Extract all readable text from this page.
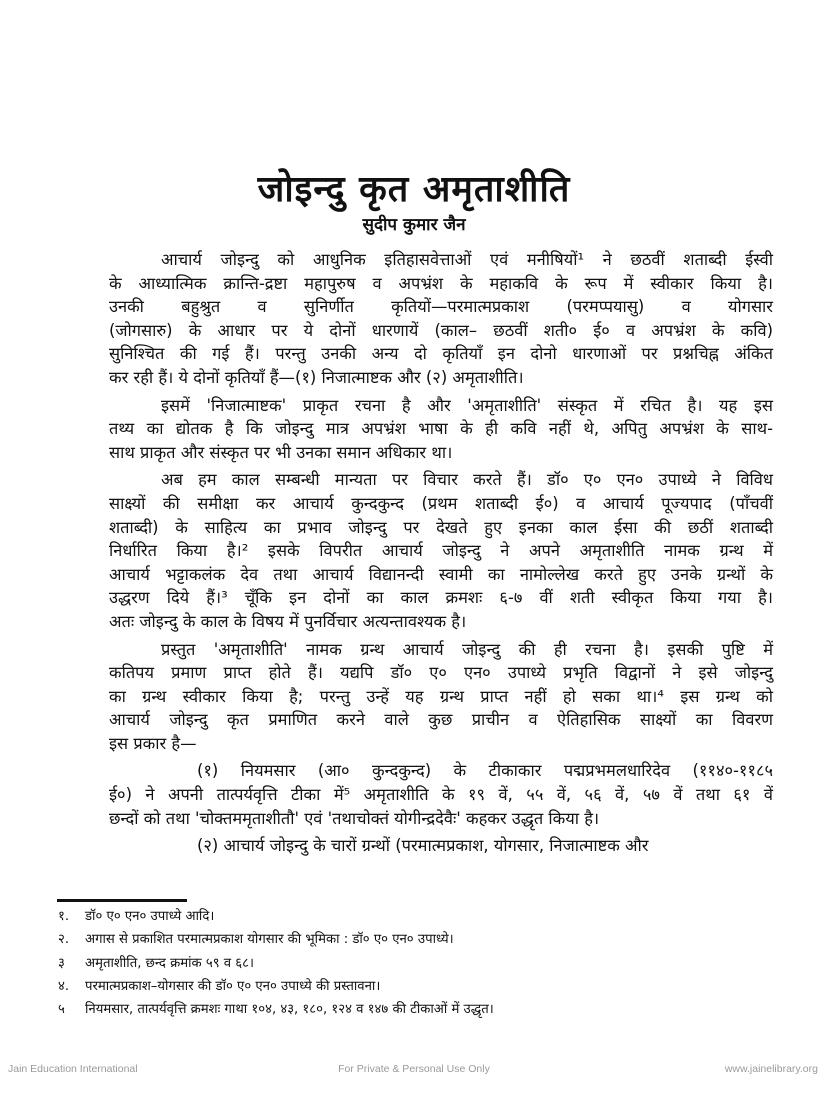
जोइन्दु कृत अमृताशीति
सुदीप कुमार जैन
आचार्य जोइन्दु को आधुनिक इतिहासवेत्ताओं एवं मनीषियों¹ ने छठवीं शताब्दी ईस्वी
के आध्यात्मिक क्रान्ति-द्रष्टा महापुरुष व अपभ्रंश के महाकवि के रूप में स्वीकार किया है।
उनकी बहुश्रुत व सुनिर्णीत कृतियों—परमात्मप्रकाश (परमप्पयासु) व योगसार
(जोगसारु) के आधार पर ये दोनों धारणायें (काल– छठवीं शती० ई० व अपभ्रंश के कवि)
सुनिश्चित की गई हैं। परन्तु उनकी अन्य दो कृतियाँ इन दोनो धारणाओं पर प्रश्नचिह्न अंकित
कर रही हैं। ये दोनों कृतियाँ हैं—(१) निजात्माष्टक और (२) अमृताशीति।
इसमें 'निजात्माष्टक' प्राकृत रचना है और 'अमृताशीति' संस्कृत में रचित है। यह इस
तथ्य का द्योतक है कि जोइन्दु मात्र अपभ्रंश भाषा के ही कवि नहीं थे, अपितु अपभ्रंश के साथ-
साथ प्राकृत और संस्कृत पर भी उनका समान अधिकार था।
अब हम काल सम्बन्धी मान्यता पर विचार करते हैं। डॉ० ए० एन० उपाध्ये ने विविध
साक्ष्यों की समीक्षा कर आचार्य कुन्दकुन्द (प्रथम शताब्दी ई०) व आचार्य पूज्यपाद (पाँचवीं
शताब्दी) के साहित्य का प्रभाव जोइन्दु पर देखते हुए इनका काल ईसा की छठीं शताब्दी
निर्धारित किया है।² इसके विपरीत आचार्य जोइन्दु ने अपने अमृताशीति नामक ग्रन्थ में
आचार्य भट्टाकलंक देव तथा आचार्य विद्यानन्दी स्वामी का नामोल्लेख करते हुए उनके ग्रन्थों के
उद्धरण दिये हैं।³ चूँकि इन दोनों का काल क्रमशः ६-७ वीं शती स्वीकृत किया गया है।
अतः जोइन्दु के काल के विषय में पुनर्विचार अत्यन्तावश्यक है।
प्रस्तुत 'अमृताशीति' नामक ग्रन्थ आचार्य जोइन्दु की ही रचना है। इसकी पुष्टि में
कतिपय प्रमाण प्राप्त होते हैं। यद्यपि डॉ० ए० एन० उपाध्ये प्रभृति विद्वानों ने इसे जोइन्दु
का ग्रन्थ स्वीकार किया है; परन्तु उन्हें यह ग्रन्थ प्राप्त नहीं हो सका था।⁴ इस ग्रन्थ को
आचार्य जोइन्दु कृत प्रमाणित करने वाले कुछ प्राचीन व ऐतिहासिक साक्ष्यों का विवरण
इस प्रकार है—
(१) नियमसार (आ० कुन्दकुन्द) के टीकाकार पद्मप्रभमलधारिदेव (११४०-११८५
ई०) ने अपनी तात्पर्यवृत्ति टीका में⁵ अमृताशीति के १९ वें, ५५ वें, ५६ वें, ५७ वें तथा ६१ वें
छन्दों को तथा 'चोक्तममृताशीतौ' एवं 'तथाचोक्तं योगीन्द्रदेवैः' कहकर उद्धृत किया है।
(२) आचार्य जोइन्दु के चारों ग्रन्थों (परमात्मप्रकाश, योगसार, निजात्माष्टक और
१.	डॉ० ए० एन० उपाध्ये आदि।
२.	अगास से प्रकाशित परमात्मप्रकाश योगसार की भूमिका : डॉ० ए० एन० उपाध्ये।
३	अमृताशीति, छन्द क्रमांक ५९ व ६८।
४.	परमात्मप्रकाश–योगसार की डॉ० ए० एन० उपाध्ये की प्रस्तावना।
५	नियमसार, तात्पर्यवृत्ति क्रमशः गाथा १०४, ४३, १८०, १२४ व १४७ की टीकाओं में उद्धृत।
Jain Education International	For Private & Personal Use Only	www.jainelibrary.org
